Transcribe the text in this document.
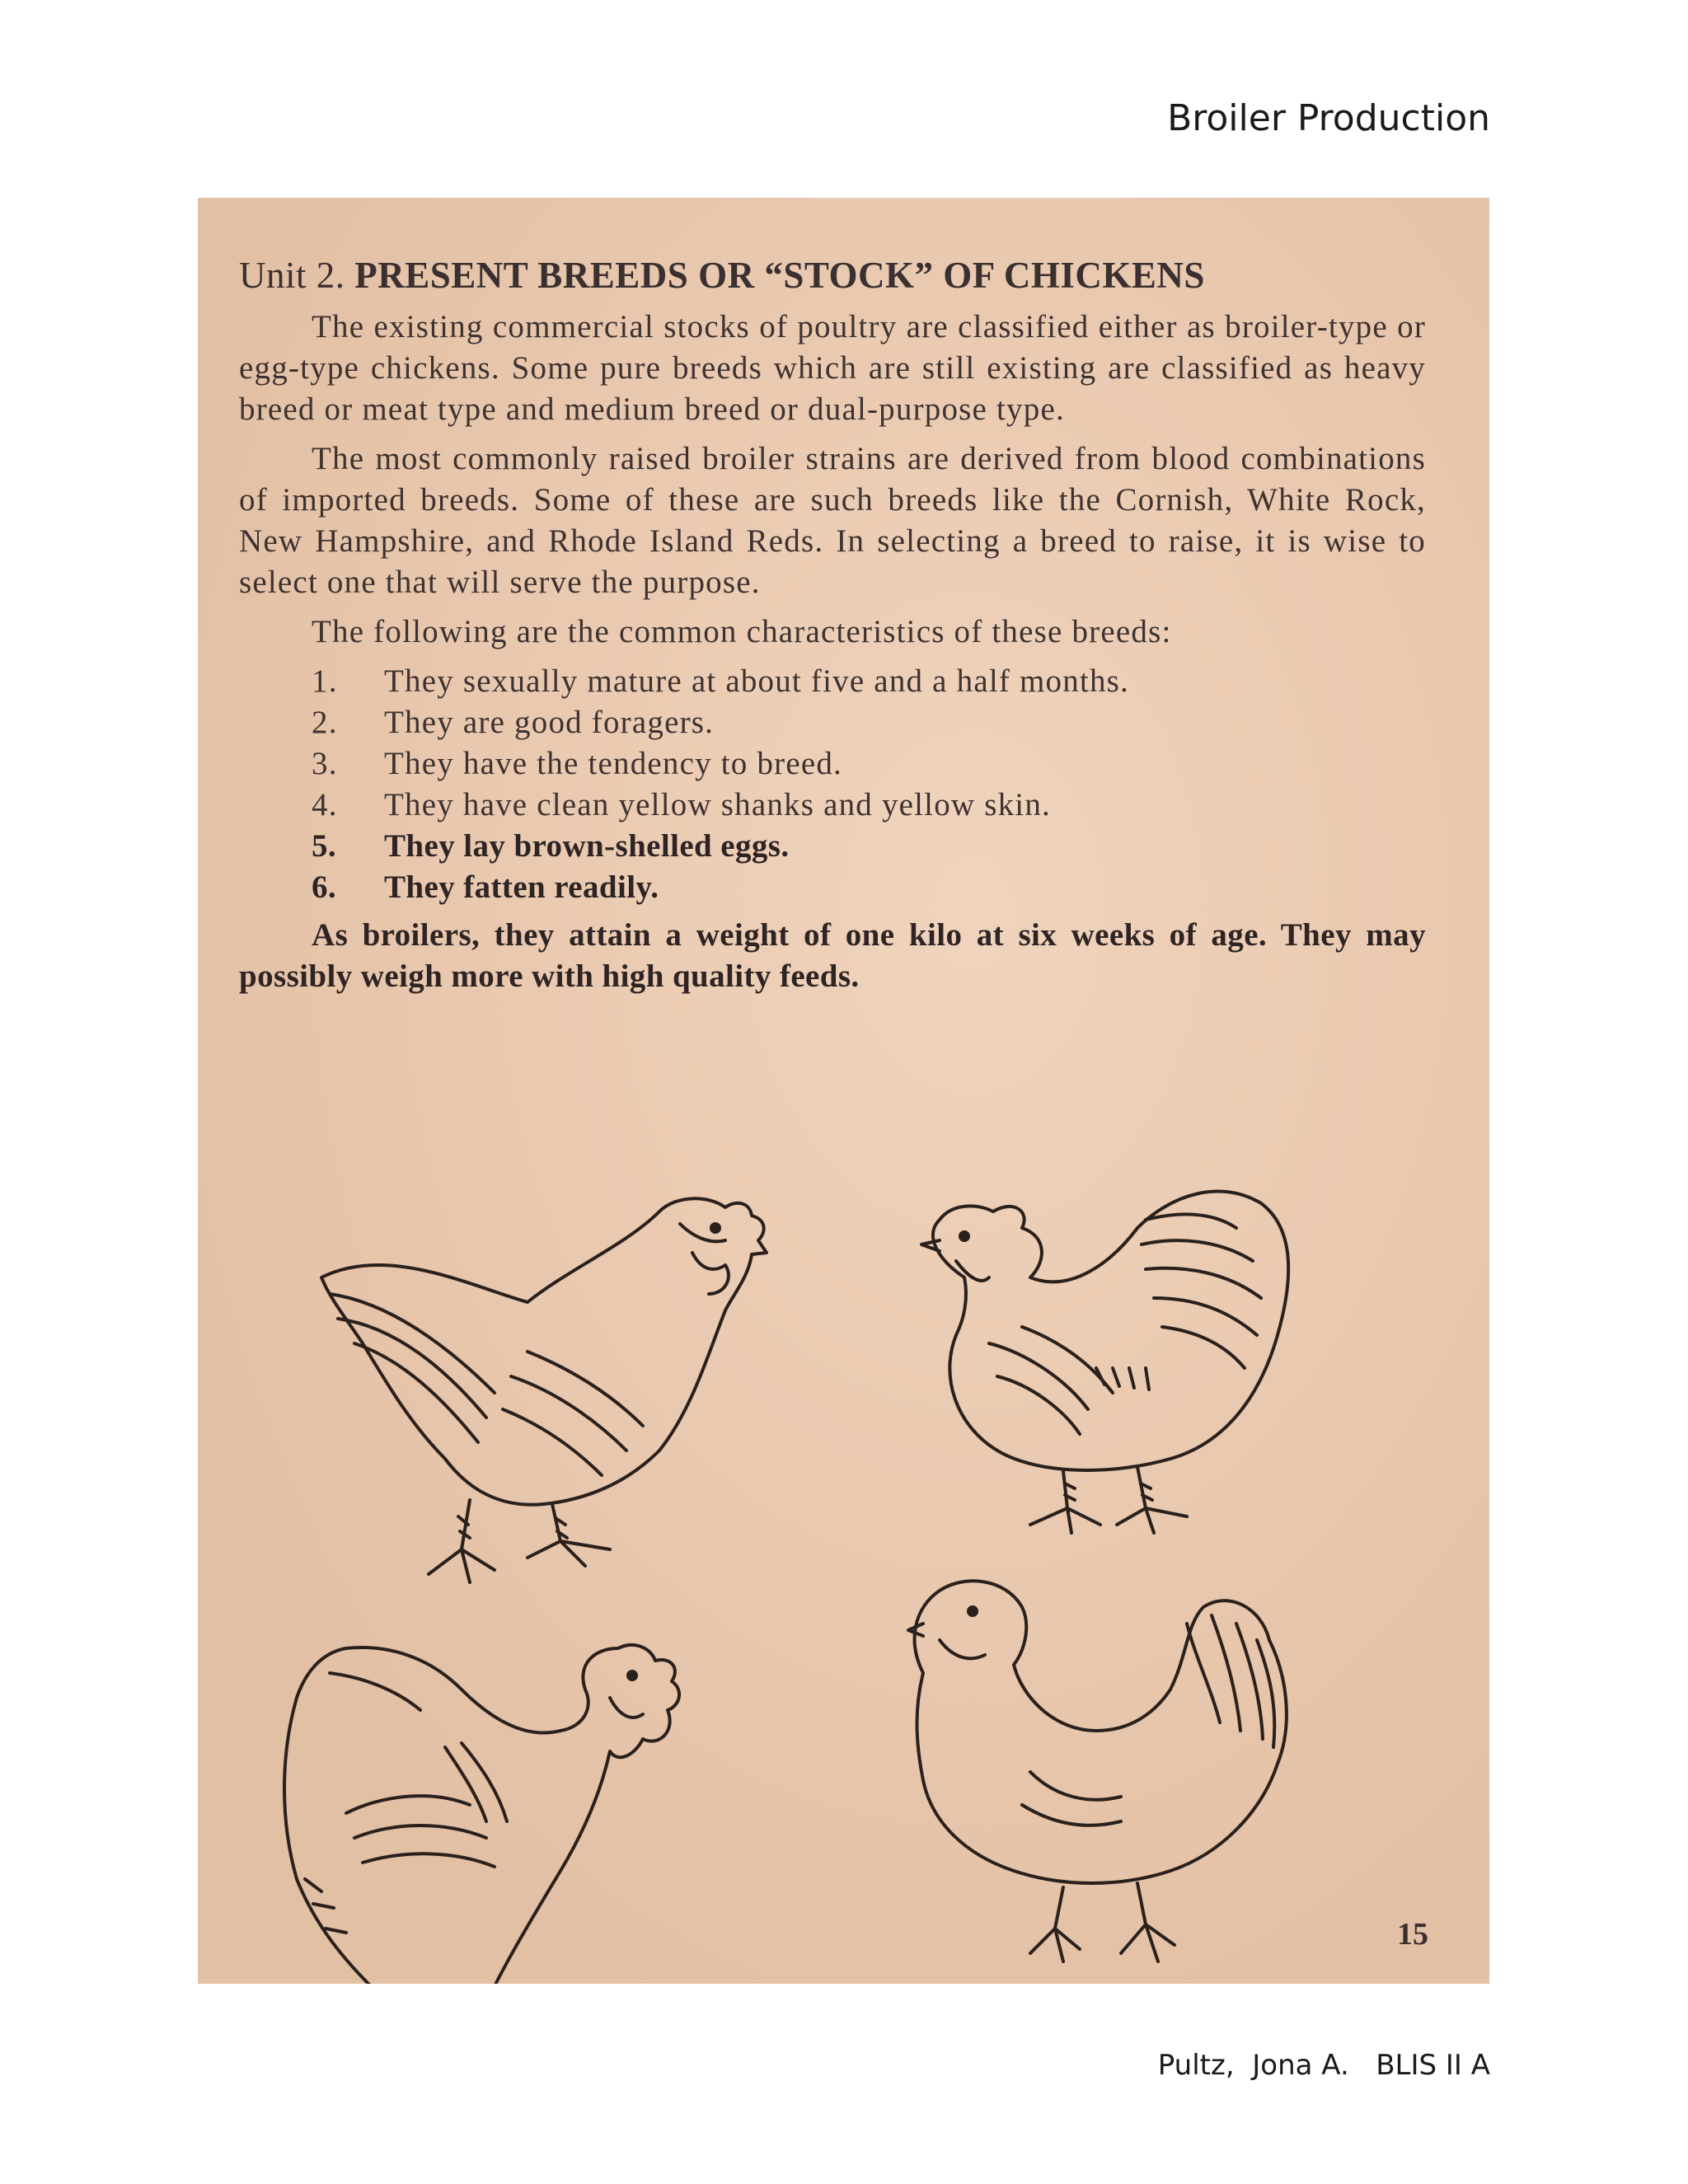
Broiler Production
Unit 2. PRESENT BREEDS OR “STOCK” OF CHICKENS

The existing commercial stocks of poultry are classified either as broiler-type or egg-type chickens. Some pure breeds which are still existing are classified as heavy breed or meat type and medium breed or dual-purpose type.

The most commonly raised broiler strains are derived from blood combinations of imported breeds. Some of these are such breeds like the Cornish, White Rock, New Hampshire, and Rhode Island Reds. In selecting a breed to raise, it is wise to select one that will serve the purpose.

The following are the common characteristics of these breeds:

1.	They sexually mature at about five and a half months.
2.	They are good foragers.
3.	They have the tendency to breed.
4.	They have clean yellow shanks and yellow skin.
5.	They lay brown-shelled eggs.
6.	They fatten readily.

As broilers, they attain a weight of one kilo at six weeks of age. They may possibly weigh more with high quality feeds.

15
Pultz,  Jona A.   BLIS II A
